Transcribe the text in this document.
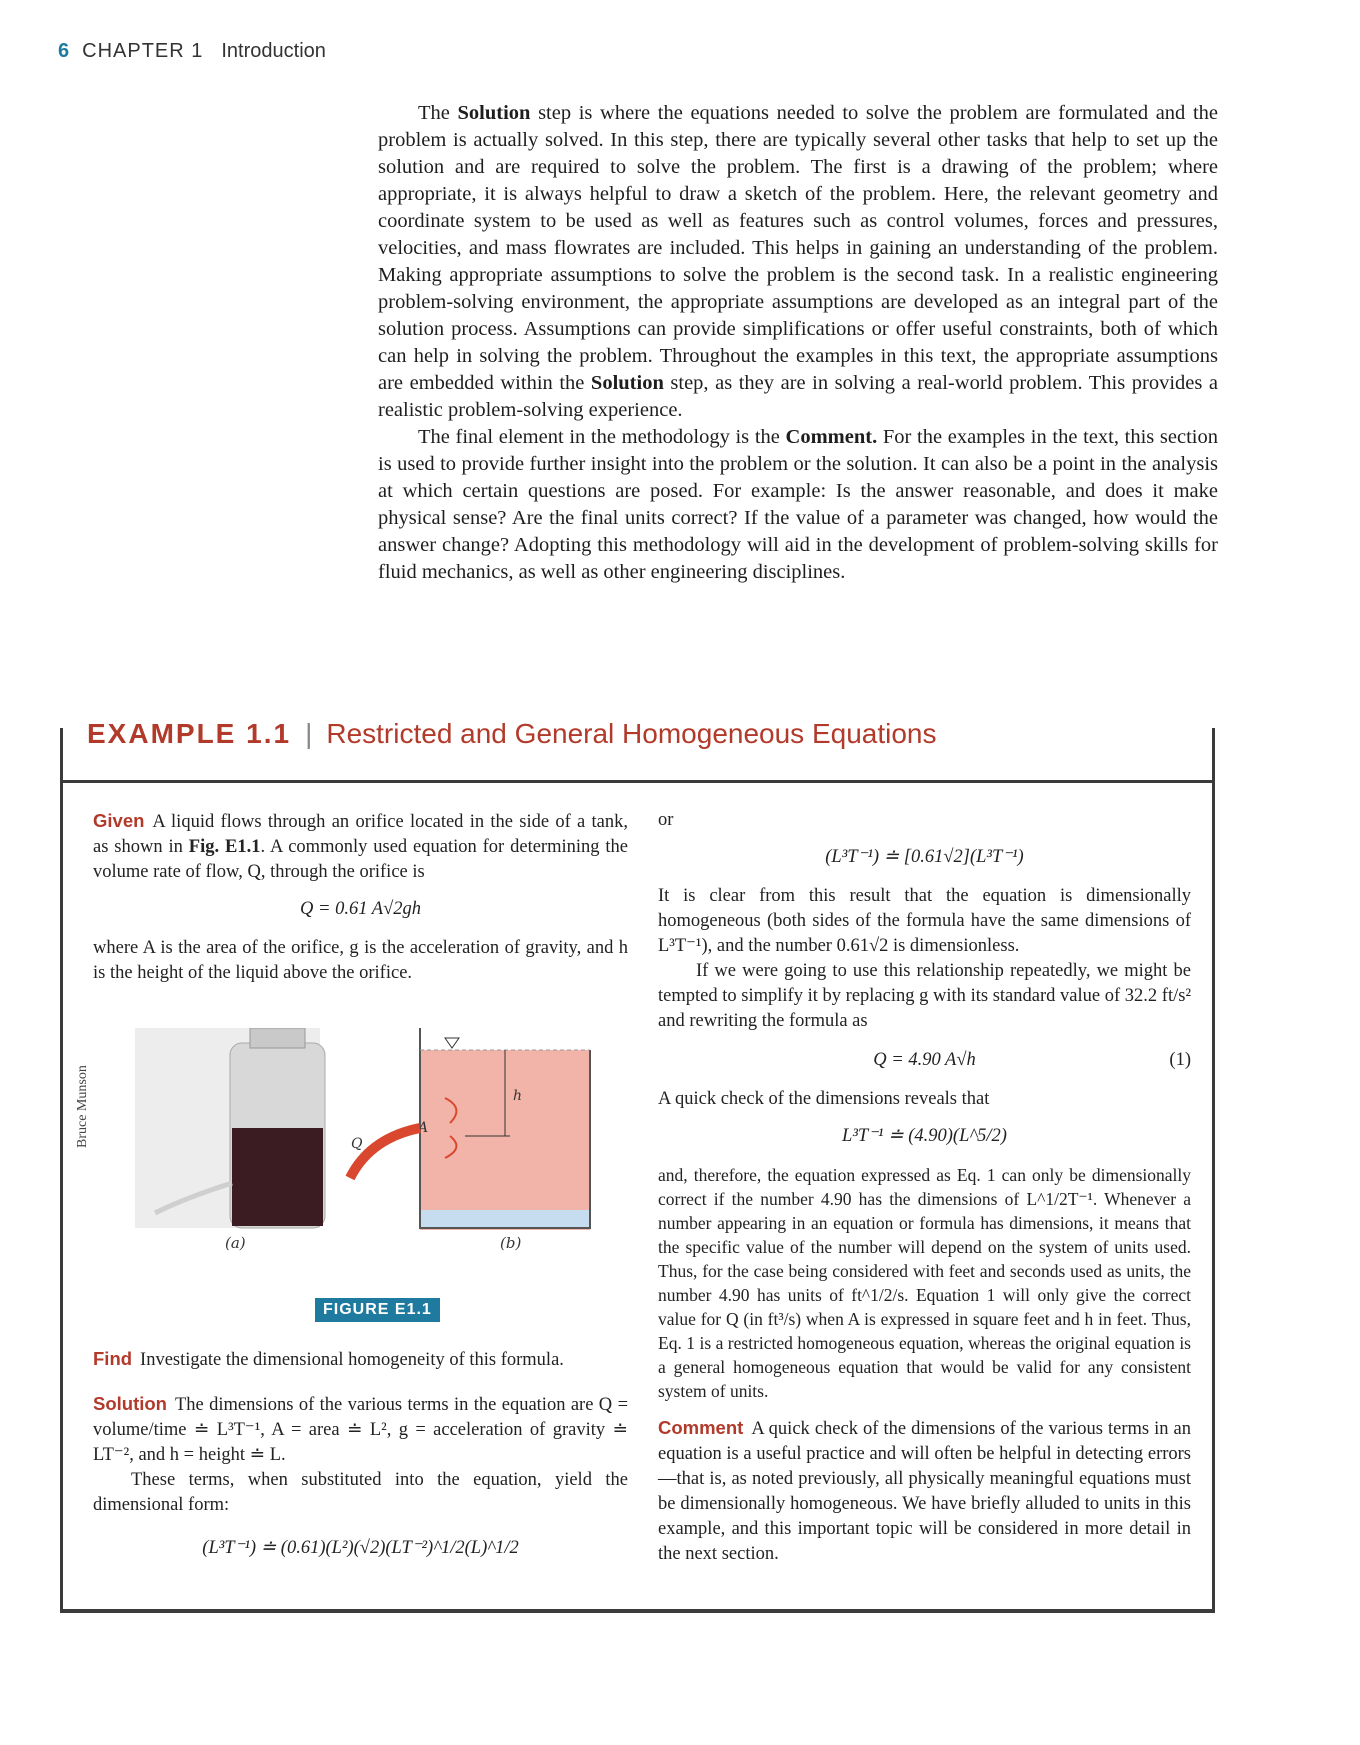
6 CHAPTER 1 Introduction

The Solution step is where the equations needed to solve the problem are formulated and the problem is actually solved. In this step, there are typically several other tasks that help to set up the solution and are required to solve the problem. The first is a drawing of the problem; where appropriate, it is always helpful to draw a sketch of the problem. Here, the relevant geometry and coordinate system to be used as well as features such as control volumes, forces and pressures, velocities, and mass flowrates are included. This helps in gaining an understanding of the problem. Making appropriate assumptions to solve the problem is the second task. In a realistic engineering problem-solving environment, the appropriate assumptions are developed as an integral part of the solution process. Assumptions can provide simplifications or offer useful constraints, both of which can help in solving the problem. Throughout the examples in this text, the appropriate assumptions are embedded within the Solution step, as they are in solving a real-world problem. This provides a realistic problem-solving experience.

The final element in the methodology is the Comment. For the examples in the text, this section is used to provide further insight into the problem or the solution. It can also be a point in the analysis at which certain questions are posed. For example: Is the answer reasonable, and does it make physical sense? Are the final units correct? If the value of a parameter was changed, how would the answer change? Adopting this methodology will aid in the development of problem-solving skills for fluid mechanics, as well as other engineering disciplines.

EXAMPLE 1.1 | Restricted and General Homogeneous Equations

Given A liquid flows through an orifice located in the side of a tank, as shown in Fig. E1.1. A commonly used equation for determining the volume rate of flow, Q, through the orifice is

Q = 0.61 A√2gh

where A is the area of the orifice, g is the acceleration of gravity, and h is the height of the liquid above the orifice.

Bruce Munson	h
A
Q
(a)	(b)
FIGURE E1.1

Find Investigate the dimensional homogeneity of this formula.

Solution The dimensions of the various terms in the equation are Q = volume/time ≐ L³T⁻¹, A = area ≐ L², g = acceleration of gravity ≐ LT⁻², and h = height ≐ L.

These terms, when substituted into the equation, yield the dimensional form:

(L³T⁻¹) ≐ (0.61)(L²)(√2)(LT⁻²)^1/2(L)^1/2

or

(L³T⁻¹) ≐ [0.61√2](L³T⁻¹)

It is clear from this result that the equation is dimensionally homogeneous (both sides of the formula have the same dimensions of L³T⁻¹), and the number 0.61√2 is dimensionless.

If we were going to use this relationship repeatedly, we might be tempted to simplify it by replacing g with its standard value of 32.2 ft/s² and rewriting the formula as

Q = 4.90 A√h	(1)

A quick check of the dimensions reveals that

L³T⁻¹ ≐ (4.90)(L^5/2)

and, therefore, the equation expressed as Eq. 1 can only be dimensionally correct if the number 4.90 has the dimensions of L^1/2T⁻¹. Whenever a number appearing in an equation or formula has dimensions, it means that the specific value of the number will depend on the system of units used. Thus, for the case being considered with feet and seconds used as units, the number 4.90 has units of ft^1/2/s. Equation 1 will only give the correct value for Q (in ft³/s) when A is expressed in square feet and h in feet. Thus, Eq. 1 is a restricted homogeneous equation, whereas the original equation is a general homogeneous equation that would be valid for any consistent system of units.

Comment A quick check of the dimensions of the various terms in an equation is a useful practice and will often be helpful in detecting errors—that is, as noted previously, all physically meaningful equations must be dimensionally homogeneous. We have briefly alluded to units in this example, and this important topic will be considered in more detail in the next section.
